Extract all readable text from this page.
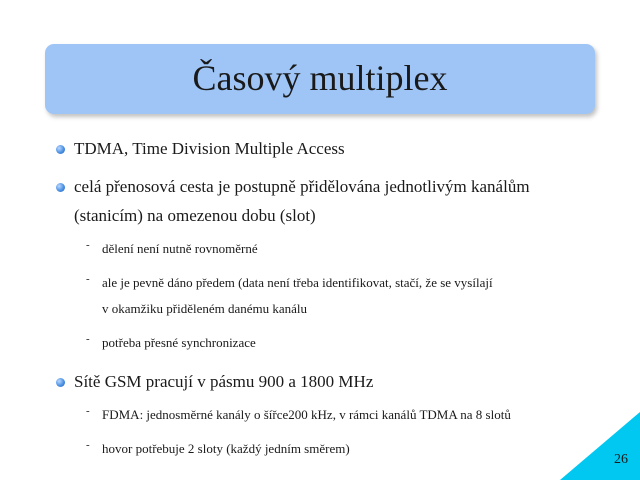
Časový multiplex
TDMA, Time Division Multiple Access
celá přenosová cesta je postupně přidělována jednotlivým kanálům
(stanicím) na omezenou dobu (slot)
- dělení není nutně rovnoměrné
- ale je pevně dáno předem (data není třeba identifikovat, stačí, že se vysílají
v okamžiku přiděleném danému kanálu
- potřeba přesné synchronizace
Sítě GSM pracují v pásmu 900 a 1800 MHz
- FDMA: jednosměrné kanály o šířce200 kHz, v rámci kanálů TDMA na 8 slotů
- hovor potřebuje 2 sloty (každý jedním směrem)
26
